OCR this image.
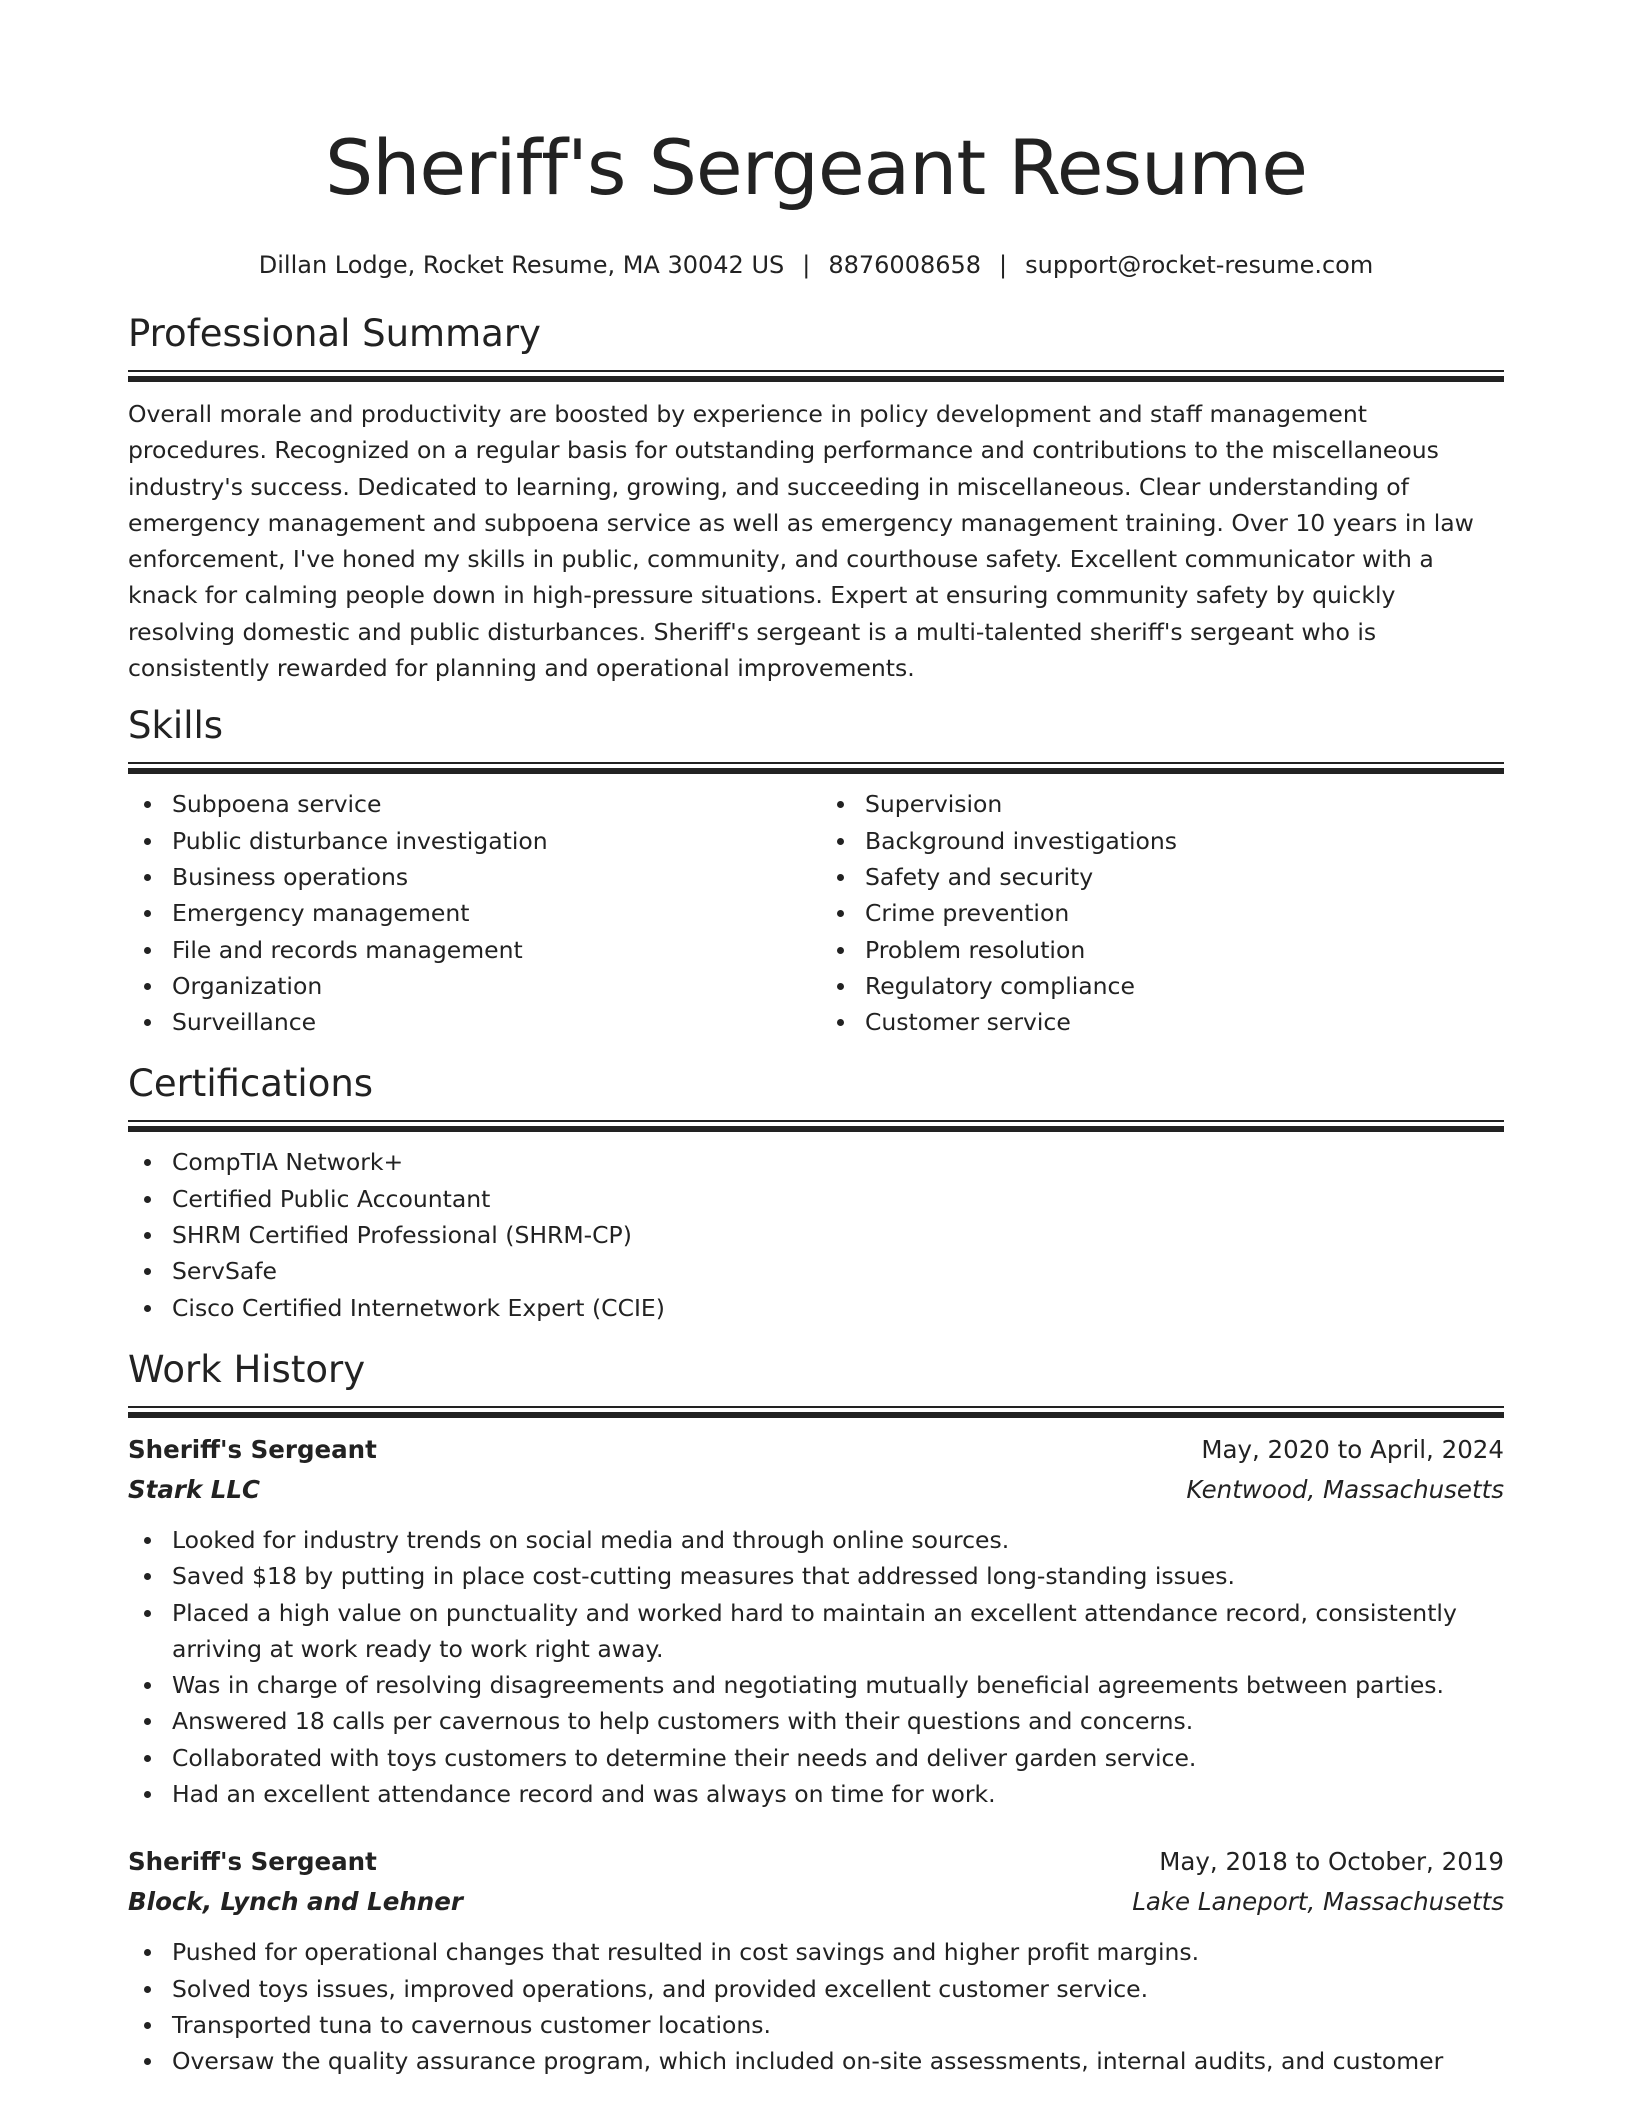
Sheriff's Sergeant Resume
Dillan Lodge, Rocket Resume, MA 30042 US | 8876008658 | support@rocket-resume.com
Professional Summary

Overall morale and productivity are boosted by experience in policy development and staff management procedures. Recognized on a regular basis for outstanding performance and contributions to the miscellaneous industry's success. Dedicated to learning, growing, and succeeding in miscellaneous. Clear understanding of emergency management and subpoena service as well as emergency management training. Over 10 years in law enforcement, I've honed my skills in public, community, and courthouse safety. Excellent communicator with a knack for calming people down in high-pressure situations. Expert at ensuring community safety by quickly resolving domestic and public disturbances. Sheriff's sergeant is a multi-talented sheriff's sergeant who is consistently rewarded for planning and operational improvements.

Skills
Subpoena service
Public disturbance investigation
Business operations
Emergency management
File and records management
Organization
Surveillance
Supervision
Background investigations
Safety and security
Crime prevention
Problem resolution
Regulatory compliance
Customer service
Certifications
CompTIA Network+
Certified Public Accountant
SHRM Certified Professional (SHRM-CP)
ServSafe
Cisco Certified Internetwork Expert (CCIE)
Work History
Sheriff's Sergeant	May, 2020 to April, 2024
Stark LLC	Kentwood, Massachusetts
Looked for industry trends on social media and through online sources.
Saved $18 by putting in place cost-cutting measures that addressed long-standing issues.
Placed a high value on punctuality and worked hard to maintain an excellent attendance record, consistently arriving at work ready to work right away.
Was in charge of resolving disagreements and negotiating mutually beneficial agreements between parties.
Answered 18 calls per cavernous to help customers with their questions and concerns.
Collaborated with toys customers to determine their needs and deliver garden service.
Had an excellent attendance record and was always on time for work.
Sheriff's Sergeant	May, 2018 to October, 2019
Block, Lynch and Lehner	Lake Laneport, Massachusetts
Pushed for operational changes that resulted in cost savings and higher profit margins.
Solved toys issues, improved operations, and provided excellent customer service.
Transported tuna to cavernous customer locations.
Oversaw the quality assurance program, which included on-site assessments, internal audits, and customer
